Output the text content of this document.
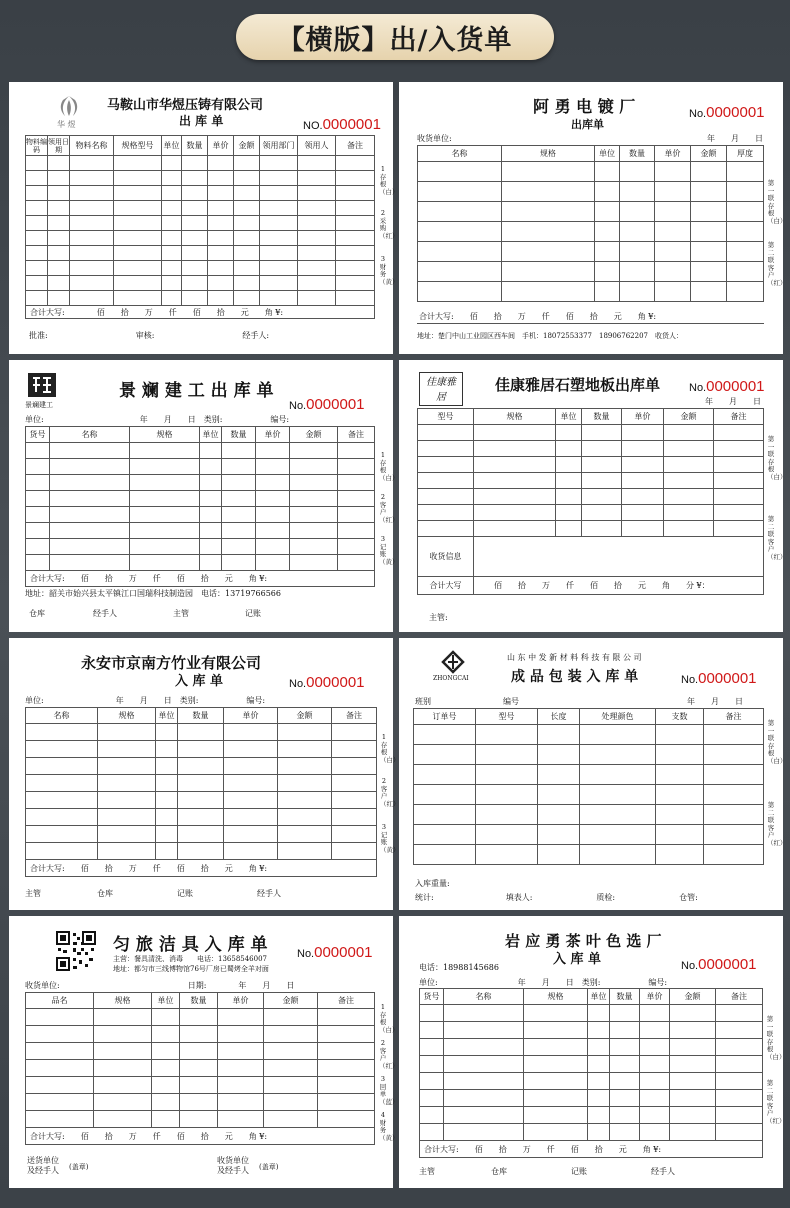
【横版】出/入货单
华 煜
马鞍山市华煜压铸有限公司
出 库 单	NO.0000001
物料编码	领用日期	物料名称	规格型号	单位	数量	单价	金额	领用部门	领用人	备注

合计大写:　　　　佰　　拾　　万　　仟　　佰　　拾　　元　　角 ¥:										
批准:　　　　　　　　　　　审核:　　　　　　　　　　　经手人:
1存根（白）
2采购（红）
3财务（黄）
阿 勇 电 镀 厂
出库单
No.0000001
收货单位:	年　　月　　日
名称	规格	单位	数量	单价	金额	厚度

合计大写:　　佰　　拾　　万　　仟　　佰　　拾　　元　　角 ¥:
地址：楚门中山工业园区西车间　手机：18072553377　18906762207　收货人：
第一联存根（白）
第二联客户（红）
景斓建工
景 斓 建 工 出 库 单
No.0000001
单位:　　　　　　　　　　　　年　　月　　日　类别:　　　　　　编号:
货号	名称	规格	单位	数量	单价	金额	备注

合计大写:　　佰　　拾　　万　　仟　　佰　　拾　　元　　角 ¥:							
地址：韶关市始兴县太平镇江口国瑞科技制造园　电话：13719766566
仓库　　　　　　经手人　　　　　　　主管　　　　　　　记账
1存根（白）
2客户（红）
3记账（黄）
佳康雅居
佳康雅居石塑地板出库单	No.0000001
年　　月　　日
型号	规格	单位	数量	单价	金额	备注

收货信息						
合计大写	佰　　拾　　万　　仟　　佰　　拾　　元　　角　　分 ¥：					
主管:
第一联存根（白）
第二联客户（红）
永安市京南方竹业有限公司
入 库 单	No.0000001
单位:　　　　　　　　　年　　月　　日　类别:　　　　　　编号:
名称	规格	单位	数量	单价	金额	备注

合计大写:　　佰　　拾　　万　　仟　　佰　　拾　　元　　角 ¥:						
主管　　　　　　　仓库　　　　　　　　记账　　　　　　　　经手人
1存根（白）
2客户（红）
3记账（黄）
ZHONGCAI
山 东 中 发 新 材 料 科 技 有 限 公 司
成 品 包 装 入 库 单	No.0000001
班别　　　　　　　　　编号　　　　　　　　　　　　　　　　　　　　　年　　月　　日
订单号	型号	长度	处理颜色	支数	备注

入库重量:
统计:　　　　　　　　　填表人:　　　　　　　　质检:　　　　　　　　仓管:
第一联存根（白）
第二联客户（红）
匀 旅 洁 具 入 库 单	No.0000001
主营：餐具清洗、消毒　　电话：13658546007
地址：都匀市三线博物馆76号厂房已蜀烤全羊对面
收货单位:　　　　　　　　　　　　　　　　日期:　　　　年　　月　　日
品名	规格	单位	数量	单价	金额	备注

合计大写:　　佰　　拾　　万　　仟　　佰　　拾　　元　　角 ¥:						
送货单位
及经手人 (盖章)
收货单位
及经手人 (盖章)
1存根（白）
2客户（红）
3回单（蓝）
4财务（黄）
岩 应 勇 茶 叶 色 选 厂
入 库 单
电话：18988145686	No.0000001
单位:　　　　　　　　　　年　　月　　日　类别:　　　　　　编号:
货号	名称	规格	单位	数量	单价	金额	备注

合计大写:　　佰　　拾　　万　　仟　　佰　　拾　　元　　角 ¥:							
主管　　　　　　　仓库　　　　　　　　记账　　　　　　　　经手人
第一联存根（白）
第二联客户（红）
